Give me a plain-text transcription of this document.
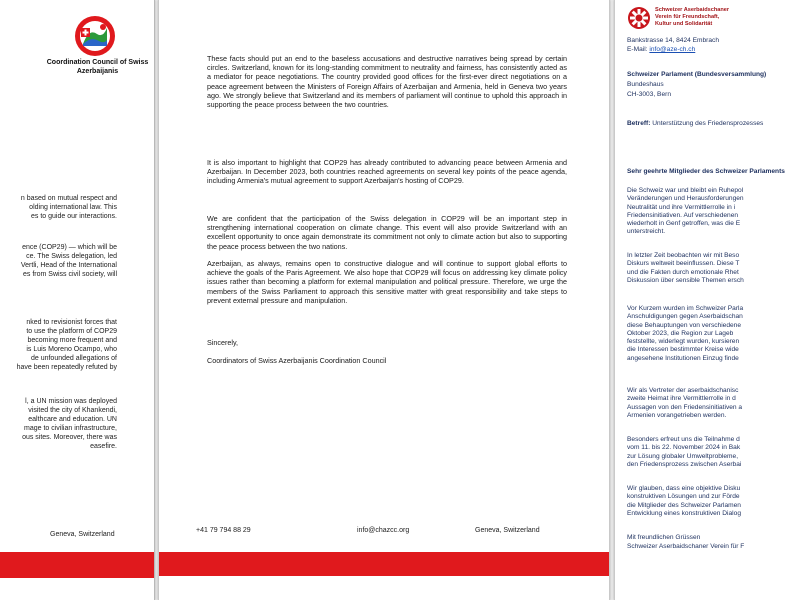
Coordination Council of Swiss Azerbaijanis
n based on mutual respect and
olding international law. This
es to guide our interactions.
ence (COP29) — which will be
ce. The Swiss delegation, led
Vertli, Head of the International
es from Swiss civil society, will
nked to revisionist forces that
to use the platform of COP29
becoming more frequent and
is Luis Moreno Ocampo, who
de unfounded allegations of
have been repeatedly refuted by
l, a UN mission was deployed
visited the city of Khankendi,
ealthcare and education. UN
mage to civilian infrastructure,
ous sites. Moreover, there was
easefire.
Geneva, Switzerland
These facts should put an end to the baseless accusations and destructive narratives being spread by certain circles. Switzerland, known for its long-standing commitment to neutrality and fairness, has consistently acted as a mediator for peace negotiations. The country provided good offices for the first-ever direct negotiations on a peace agreement between the Ministers of Foreign Affairs of Azerbaijan and Armenia, held in Geneva two years ago. We strongly believe that Switzerland and its members of parliament will continue to uphold this approach in supporting the peace process between the two countries.
It is also important to highlight that COP29 has already contributed to advancing peace between Armenia and Azerbaijan. In December 2023, both countries reached agreements on several key points of the peace agenda, including Armenia's mutual agreement to support Azerbaijan's hosting of COP29.
We are confident that the participation of the Swiss delegation in COP29 will be an important step in strengthening international cooperation on climate change. This event will also provide Switzerland with an excellent opportunity to once again demonstrate its commitment not only to climate action but also to supporting the peace process between the two nations.
Azerbaijan, as always, remains open to constructive dialogue and will continue to support global efforts to achieve the goals of the Paris Agreement. We also hope that COP29 will focus on addressing key climate policy issues rather than becoming a platform for external manipulation and political pressure. Therefore, we urge the members of the Swiss Parliament to approach this sensitive matter with great responsibility and take steps to prevent external pressure and manipulation.
Sincerely,
Coordinators of Swiss Azerbaijanis Coordination Council
+41 79 794 88 29	info@chazcc.org	Geneva, Switzerland
Schweizer Aserbaidschaner
Verein für Freundschaft,
Kultur und Solidarität
Bankstrasse 14, 8424 Embrach
E-Mail: info@aze-ch.ch
Schweizer Parlament (Bundesversammlung)
Bundeshaus
CH-3003, Bern
Betreff: Unterstützung des Friedensprozesses
Sehr geehrte Mitglieder des Schweizer Parlaments
Die Schweiz war und bleibt ein Ruhepol
Veränderungen und Herausforderungen
Neutralität und ihre Vermittlerrolle in i
Friedensinitiativen. Auf verschiedenen
wiederholt in Genf getroffen, was die E
unterstreicht.
In letzter Zeit beobachten wir mit Beso
Diskurs weltweit beeinflussen. Diese T
und die Fakten durch emotionale Rhet
Diskussion über sensible Themen ersch
Vor Kurzem wurden im Schweizer Parla
Anschuldigungen gegen Aserbaidschan
diese Behauptungen von verschiedene
Oktober 2023, die Region zur Lageb
feststellte, widerlegt wurden, kursieren
die Interessen bestimmter Kreise wide
angesehene Institutionen Einzug finde
Wir als Vertreter der aserbaidschanisc
zweite Heimat ihre Vermittlerrolle in d
Aussagen von den Friedensinitiativen a
Armenien vorangetrieben werden.
Besonders erfreut uns die Teilnahme d
vom 11. bis 22. November 2024 in Bak
zur Lösung globaler Umweltprobleme,
den Friedensprozess zwischen Aserbai
Wir glauben, dass eine objektive Disku
konstruktiven Lösungen und zur Förde
die Mitglieder des Schweizer Parlamen
Entwicklung eines konstruktiven Dialog
Mit freundlichen Grüssen
Schweizer Aserbaidschaner Verein für F
